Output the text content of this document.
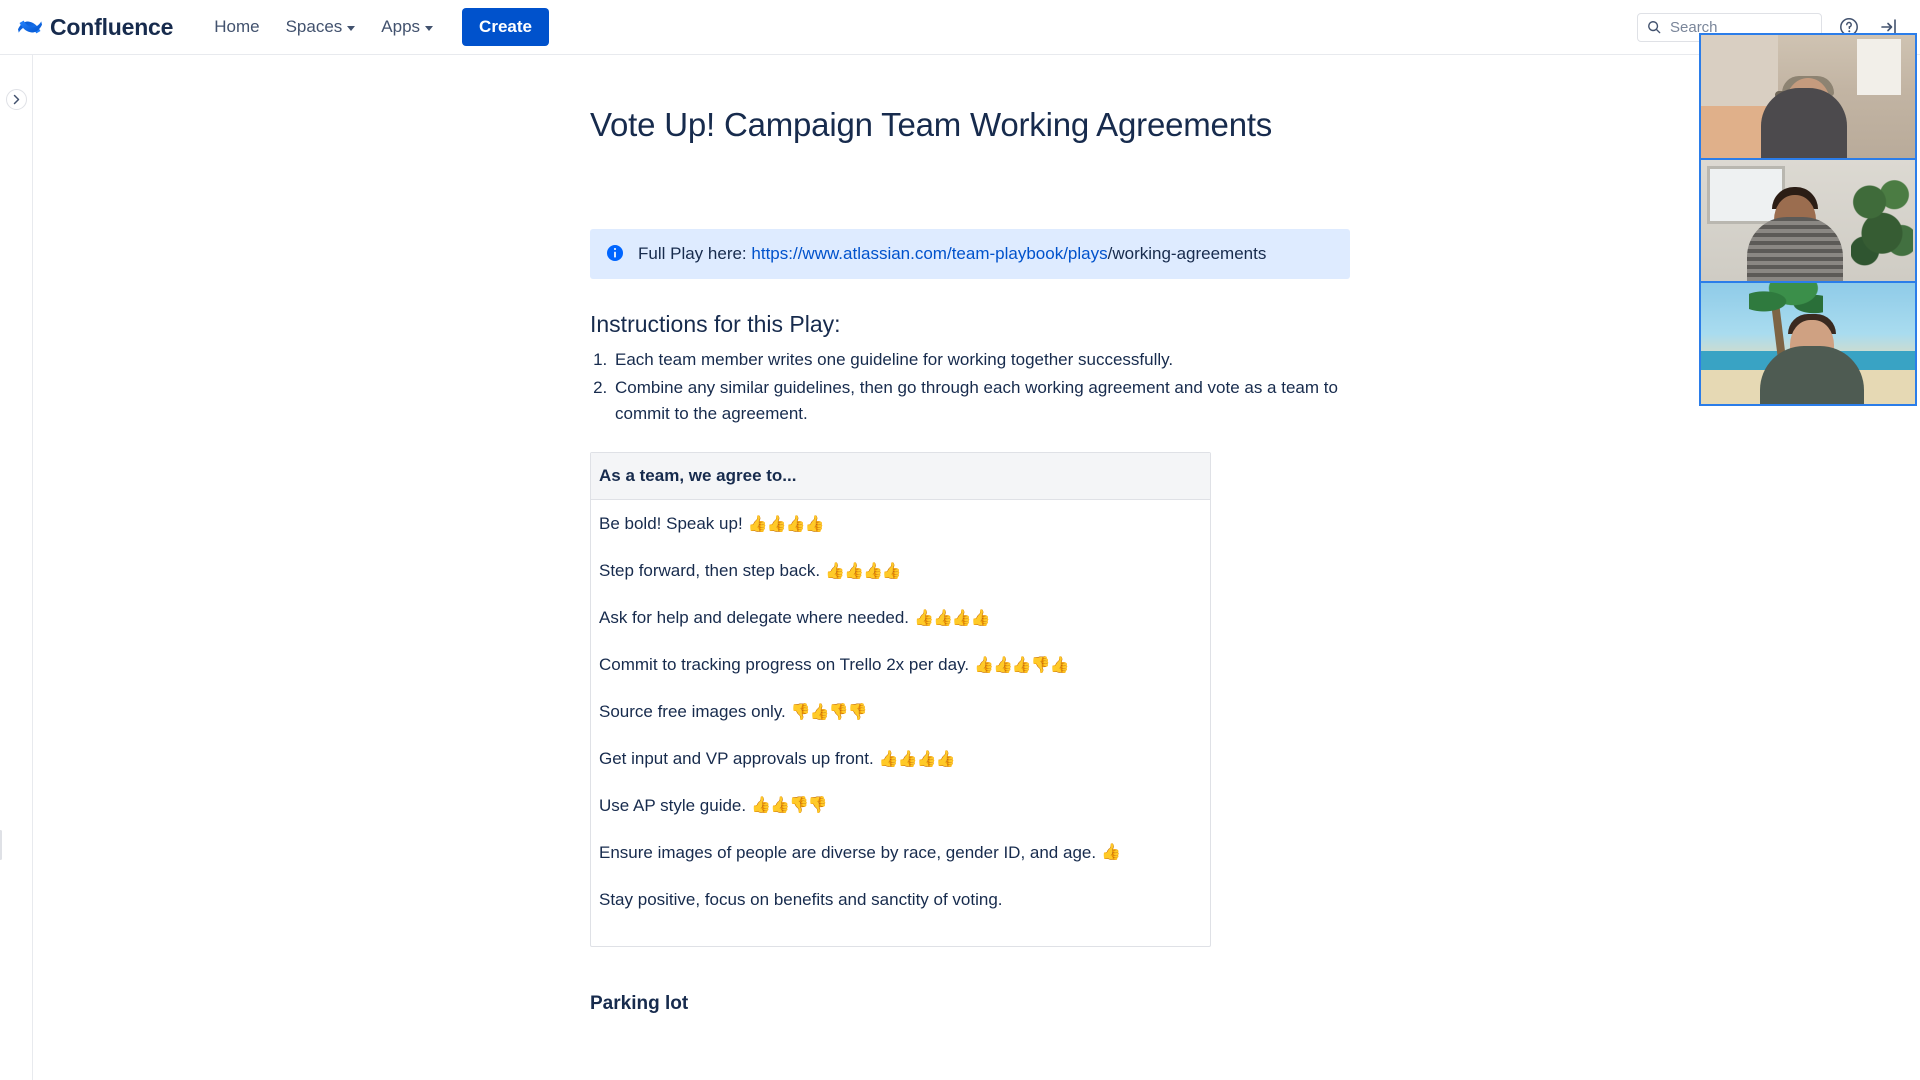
Confluence Home Spaces Apps	Create
Search
Vote Up! Campaign Team Working Agreements
Full Play here: https://www.atlassian.com/team-playbook/plays/working-agreements
Instructions for this Play:
1. Each team member writes one guideline for working together successfully.
2. Combine any similar guidelines, then go through each working agreement and vote as a team to commit to the agreement.
As a team, we agree to...
Be bold! Speak up! 👍👍👍👍
Step forward, then step back. 👍👍👍👍
Ask for help and delegate where needed. 👍👍👍👍
Commit to tracking progress on Trello 2x per day. 👍👍👍👎👍
Source free images only. 👎👍👎👎
Get input and VP approvals up front. 👍👍👍👍
Use AP style guide. 👍👍👎👎
Ensure images of people are diverse by race, gender ID, and age. 👍
Stay positive, focus on benefits and sanctity of voting.
Parking lot
